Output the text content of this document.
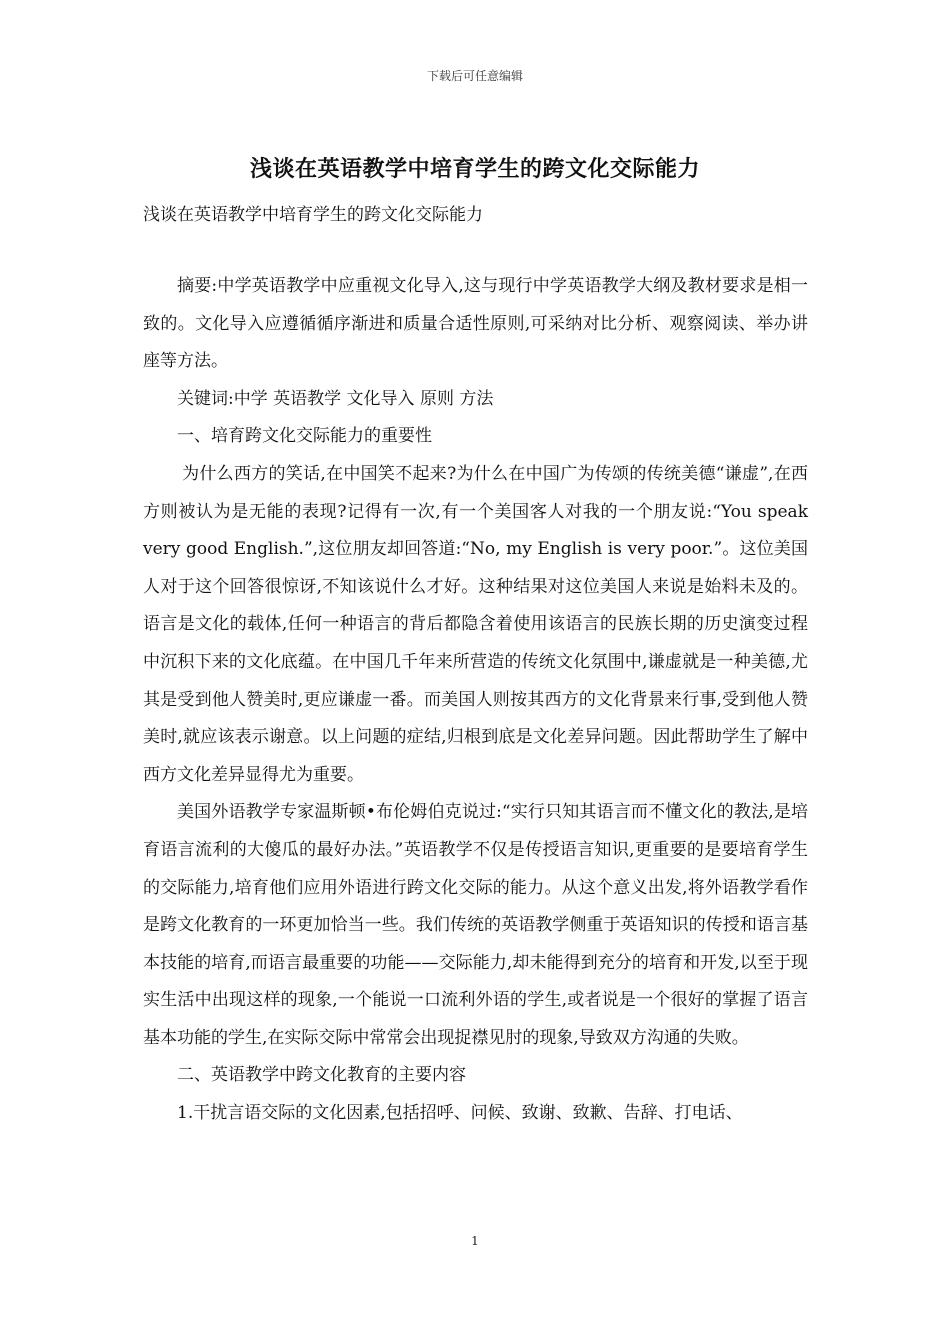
下载后可任意编辑
浅谈在英语教学中培育学生的跨文化交际能力
浅谈在英语教学中培育学生的跨文化交际能力

摘要:中学英语教学中应重视文化导入,这与现行中学英语教学大纲及教材要求是相一致的。文化导入应遵循循序渐进和质量合适性原则,可采纳对比分析、观察阅读、举办讲座等方法。

关键词:中学 英语教学 文化导入 原则 方法

一、培育跨文化交际能力的重要性

为什么西方的笑话,在中国笑不起来?为什么在中国广为传颂的传统美德“谦虚”,在西方则被认为是无能的表现?记得有一次,有一个美国客人对我的一个朋友说:“You speak very good English.”,这位朋友却回答道:“No, my English is very poor.”。这位美国人对于这个回答很惊讶,不知该说什么才好。这种结果对这位美国人来说是始料未及的。语言是文化的载体,任何一种语言的背后都隐含着使用该语言的民族长期的历史演变过程中沉积下来的文化底蕴。在中国几千年来所营造的传统文化氛围中,谦虚就是一种美德,尤其是受到他人赞美时,更应谦虚一番。而美国人则按其西方的文化背景来行事,受到他人赞美时,就应该表示谢意。以上问题的症结,归根到底是文化差异问题。因此帮助学生了解中西方文化差异显得尤为重要。

美国外语教学专家温斯顿•布伦姆伯克说过:“实行只知其语言而不懂文化的教法,是培育语言流利的大傻瓜的最好办法。”英语教学不仅是传授语言知识,更重要的是要培育学生的交际能力,培育他们应用外语进行跨文化交际的能力。从这个意义出发,将外语教学看作是跨文化教育的一环更加恰当一些。我们传统的英语教学侧重于英语知识的传授和语言基本技能的培育,而语言最重要的功能——交际能力,却未能得到充分的培育和开发,以至于现实生活中出现这样的现象,一个能说一口流利外语的学生,或者说是一个很好的掌握了语言基本功能的学生,在实际交际中常常会出现捉襟见肘的现象,导致双方沟通的失败。

二、英语教学中跨文化教育的主要内容

1.干扰言语交际的文化因素,包括招呼、问候、致谢、致歉、告辞、打电话、

1
